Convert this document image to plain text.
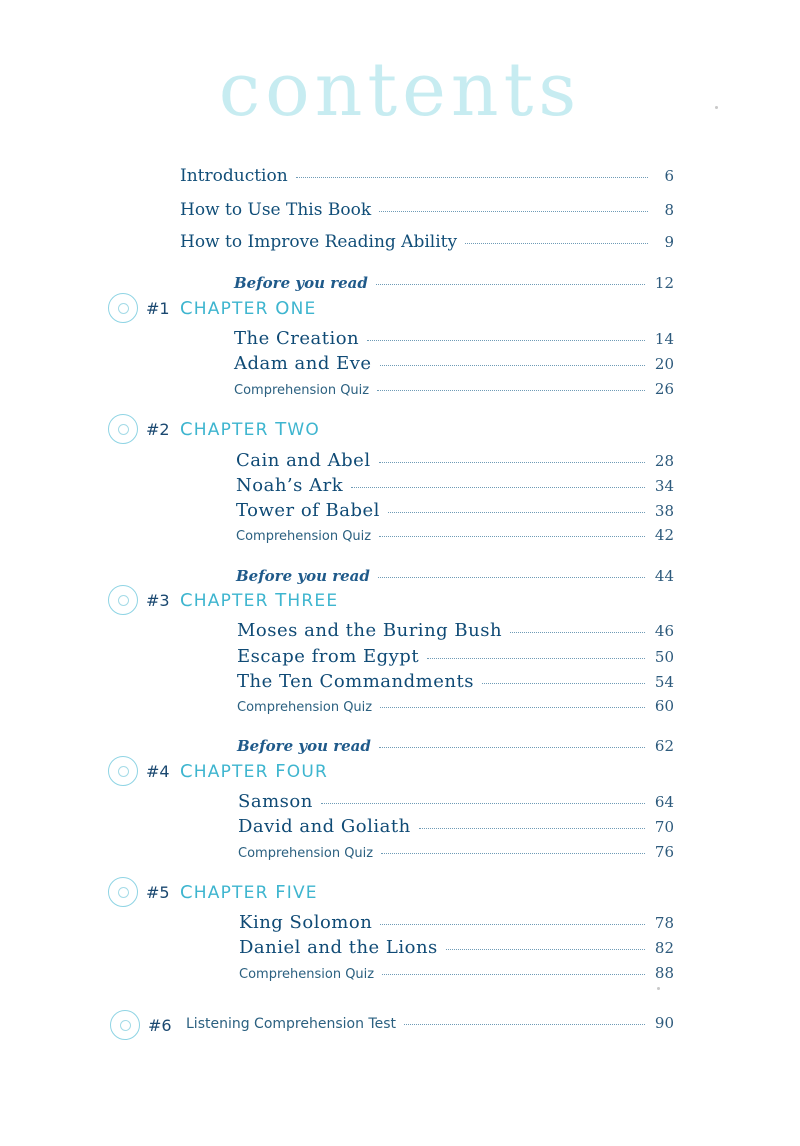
contents
Introduction	6
How to Use This Book	8
How to Improve Reading Ability	9
Before you read	12
#1 CHAPTER ONE
The Creation	14
Adam and Eve	20
Comprehension Quiz	26
#2 CHAPTER TWO
Cain and Abel	28
Noah’s Ark	34
Tower of Babel	38
Comprehension Quiz	42
Before you read	44
#3 CHAPTER THREE
Moses and the Buring Bush	46
Escape from Egypt	50
The Ten Commandments	54
Comprehension Quiz	60
Before you read	62
#4 CHAPTER FOUR
Samson	64
David and Goliath	70
Comprehension Quiz	76
#5 CHAPTER FIVE
King Solomon	78
Daniel and the Lions	82
Comprehension Quiz	88
#6	Listening Comprehension Test	90
